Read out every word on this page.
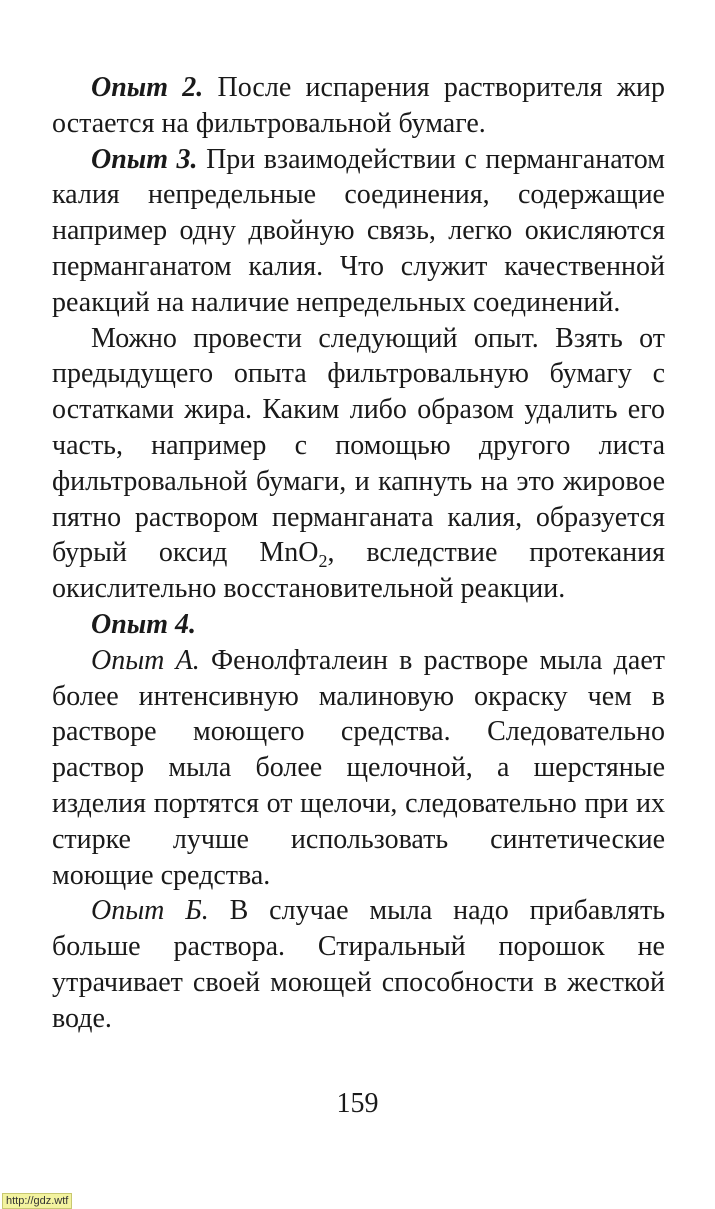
Опыт 2. После испарения растворителя жир остается на фильтровальной бумаге.

Опыт 3. При взаимодействии с перманганатом калия непредельные соединения, содержащие например одну двойную связь, легко окисляются перманганатом калия. Что служит качественной реакций на наличие непредельных соединений.

Можно провести следующий опыт. Взять от предыдущего опыта фильтровальную бумагу с остатками жира. Каким либо образом удалить его часть, например с помощью другого листа фильтровальной бумаги, и капнуть на это жировое пятно раствором перманганата калия, образуется бурый оксид MnO$_2$, вследствие протекания окислительно восстановительной реакции.

Опыт 4.

Опыт А. Фенолфталеин в растворе мыла дает более интенсивную малиновую окраску чем в растворе моющего средства. Следовательно раствор мыла более щелочной, а шерстяные изделия портятся от щелочи, следовательно при их стирке лучше использовать синтетические моющие средства.

Опыт Б. В случае мыла надо прибавлять больше раствора. Стиральный порошок не утрачивает своей моющей способности в жесткой воде.

159
http://gdz.wtf
